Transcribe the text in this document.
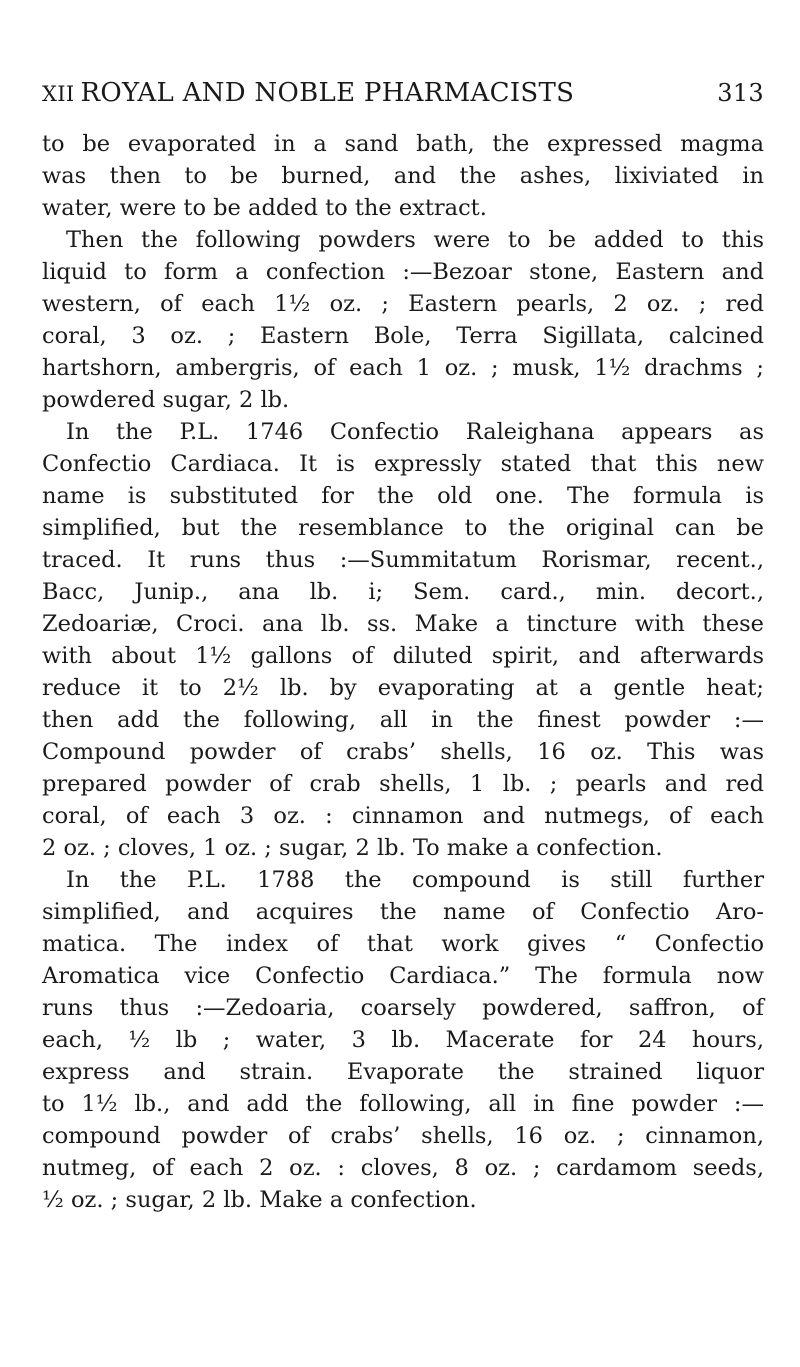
XII ROYAL AND NOBLE PHARMACISTS	313

to be evaporated in a sand bath, the expressed magma
was then to be burned, and the ashes, lixiviated in
water, were to be added to the extract.

Then the following powders were to be added to this
liquid to form a confection :—Bezoar stone, Eastern and
western, of each 1½ oz. ; Eastern pearls, 2 oz. ; red
coral, 3 oz. ; Eastern Bole, Terra Sigillata, calcined
hartshorn, ambergris, of each 1 oz. ; musk, 1½ drachms ;
powdered sugar, 2 lb.

In the P.L. 1746 Confectio Raleighana appears as
Confectio Cardiaca. It is expressly stated that this new
name is substituted for the old one. The formula is
simplified, but the resemblance to the original can be
traced. It runs thus :—Summitatum Rorismar, recent.,
Bacc, Junip., ana lb. i; Sem. card., min. decort.,
Zedoariæ, Croci. ana lb. ss. Make a tincture with these
with about 1½ gallons of diluted spirit, and afterwards
reduce it to 2½ lb. by evaporating at a gentle heat;
then add the following, all in the finest powder :—
Compound powder of crabs’ shells, 16 oz. This was
prepared powder of crab shells, 1 lb. ; pearls and red
coral, of each 3 oz. : cinnamon and nutmegs, of each
2 oz. ; cloves, 1 oz. ; sugar, 2 lb. To make a confection.

In the P.L. 1788 the compound is still further
simplified, and acquires the name of Confectio Aro-
matica. The index of that work gives “ Confectio
Aromatica vice Confectio Cardiaca.” The formula now
runs thus :—Zedoaria, coarsely powdered, saffron, of
each, ½ lb ; water, 3 lb. Macerate for 24 hours,
express and strain. Evaporate the strained liquor
to 1½ lb., and add the following, all in fine powder :—
compound powder of crabs’ shells, 16 oz. ; cinnamon,
nutmeg, of each 2 oz. : cloves, 8 oz. ; cardamom seeds,
½ oz. ; sugar, 2 lb. Make a confection.
